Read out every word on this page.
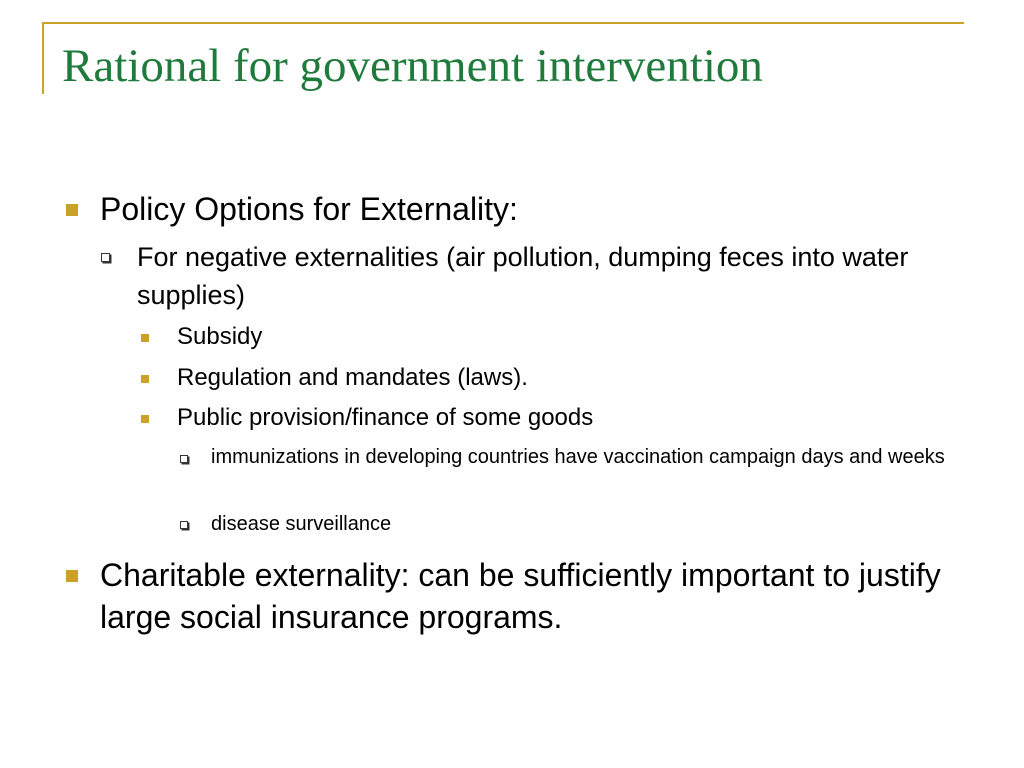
Rational for government intervention
Policy Options for Externality:
For negative externalities (air pollution, dumping feces into water supplies)
Subsidy
Regulation and mandates (laws).
Public provision/finance of some goods
immunizations in developing countries have vaccination campaign days and weeks
disease surveillance
Charitable externality: can be sufficiently important to justify large social insurance programs.
